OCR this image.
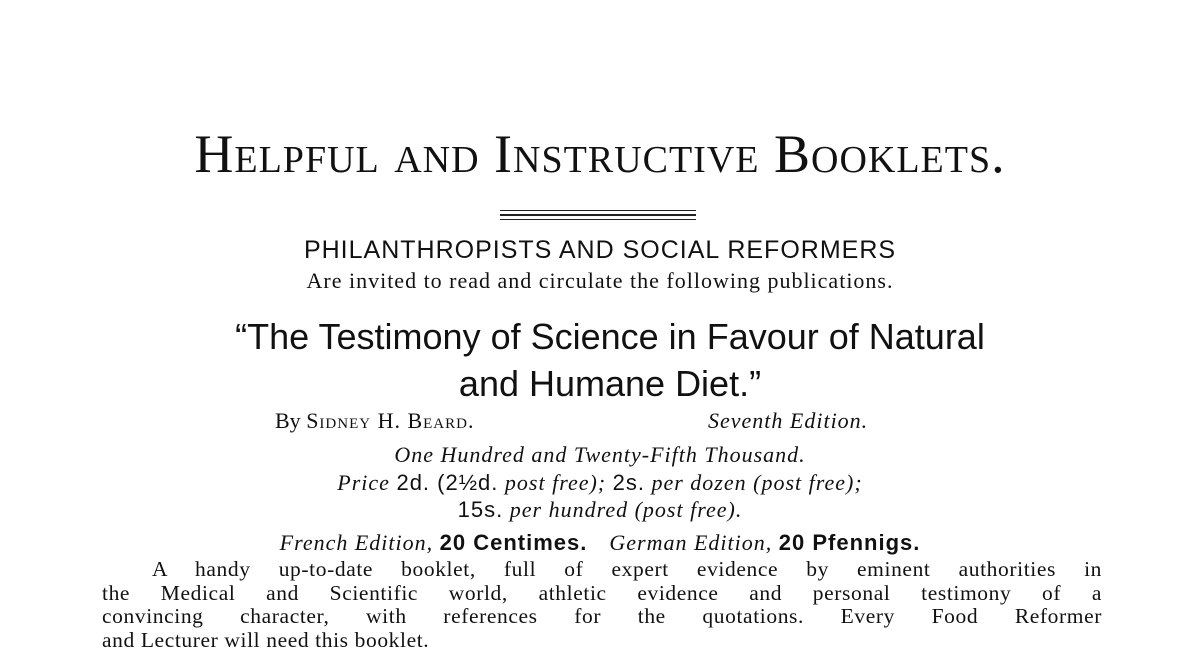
Helpful and Instructive Booklets.
PHILANTHROPISTS AND SOCIAL REFORMERS
Are invited to read and circulate the following publications.
“The Testimony of Science in Favour of Natural
and Humane Diet.”
By Sidney H. Beard.	Seventh Edition.
One Hundred and Twenty-Fifth Thousand.
Price 2d. (2½d. post free); 2s. per dozen (post free);
15s. per hundred (post free).
French Edition, 20 Centimes. German Edition, 20 Pfennigs.
A handy up-to-date booklet, full of expert evidence by eminent authorities in
the Medical and Scientific world, athletic evidence and personal testimony of a
convincing character, with references for the quotations. Every Food Reformer
and Lecturer will need this booklet.
